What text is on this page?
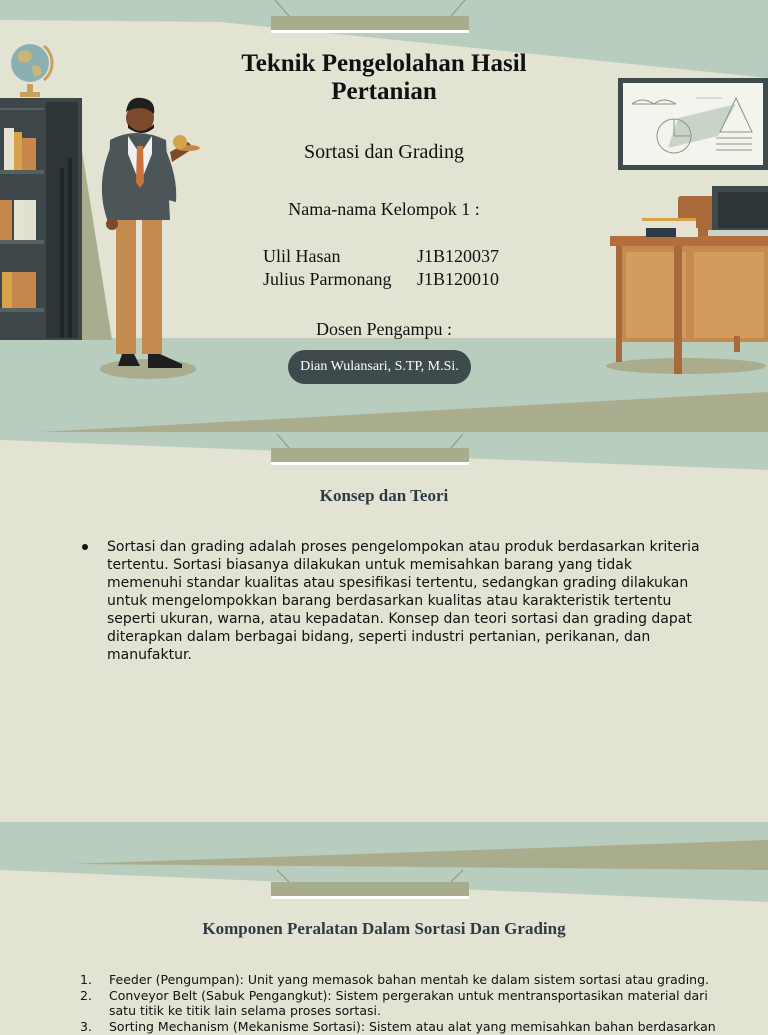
Teknik Pengelolahan Hasil Pertanian
Sortasi dan Grading
Nama-nama Kelompok 1 :
Ulil Hasan	J1B120037
Julius Parmonang J1B120010
Dosen Pengampu :
Dian Wulansari, S.TP, M.Si.
Konsep dan Teori
Sortasi dan grading adalah proses pengelompokan atau produk berdasarkan kriteria tertentu. Sortasi biasanya dilakukan untuk memisahkan barang yang tidak memenuhi standar kualitas atau spesifikasi tertentu, sedangkan grading dilakukan untuk mengelompokkan barang berdasarkan kualitas atau karakteristik tertentu seperti ukuran, warna, atau kepadatan. Konsep dan teori sortasi dan grading dapat diterapkan dalam berbagai bidang, seperti industri pertanian, perikanan, dan manufaktur.
Komponen Peralatan Dalam Sortasi Dan Grading
1. Feeder (Pengumpan): Unit yang memasok bahan mentah ke dalam sistem sortasi atau grading.
2. Conveyor Belt (Sabuk Pengangkut): Sistem pergerakan untuk mentransportasikan material dari satu titik ke titik lain selama proses sortasi.
3. Sorting Mechanism (Mekanisme Sortasi): Sistem atau alat yang memisahkan bahan berdasarkan
